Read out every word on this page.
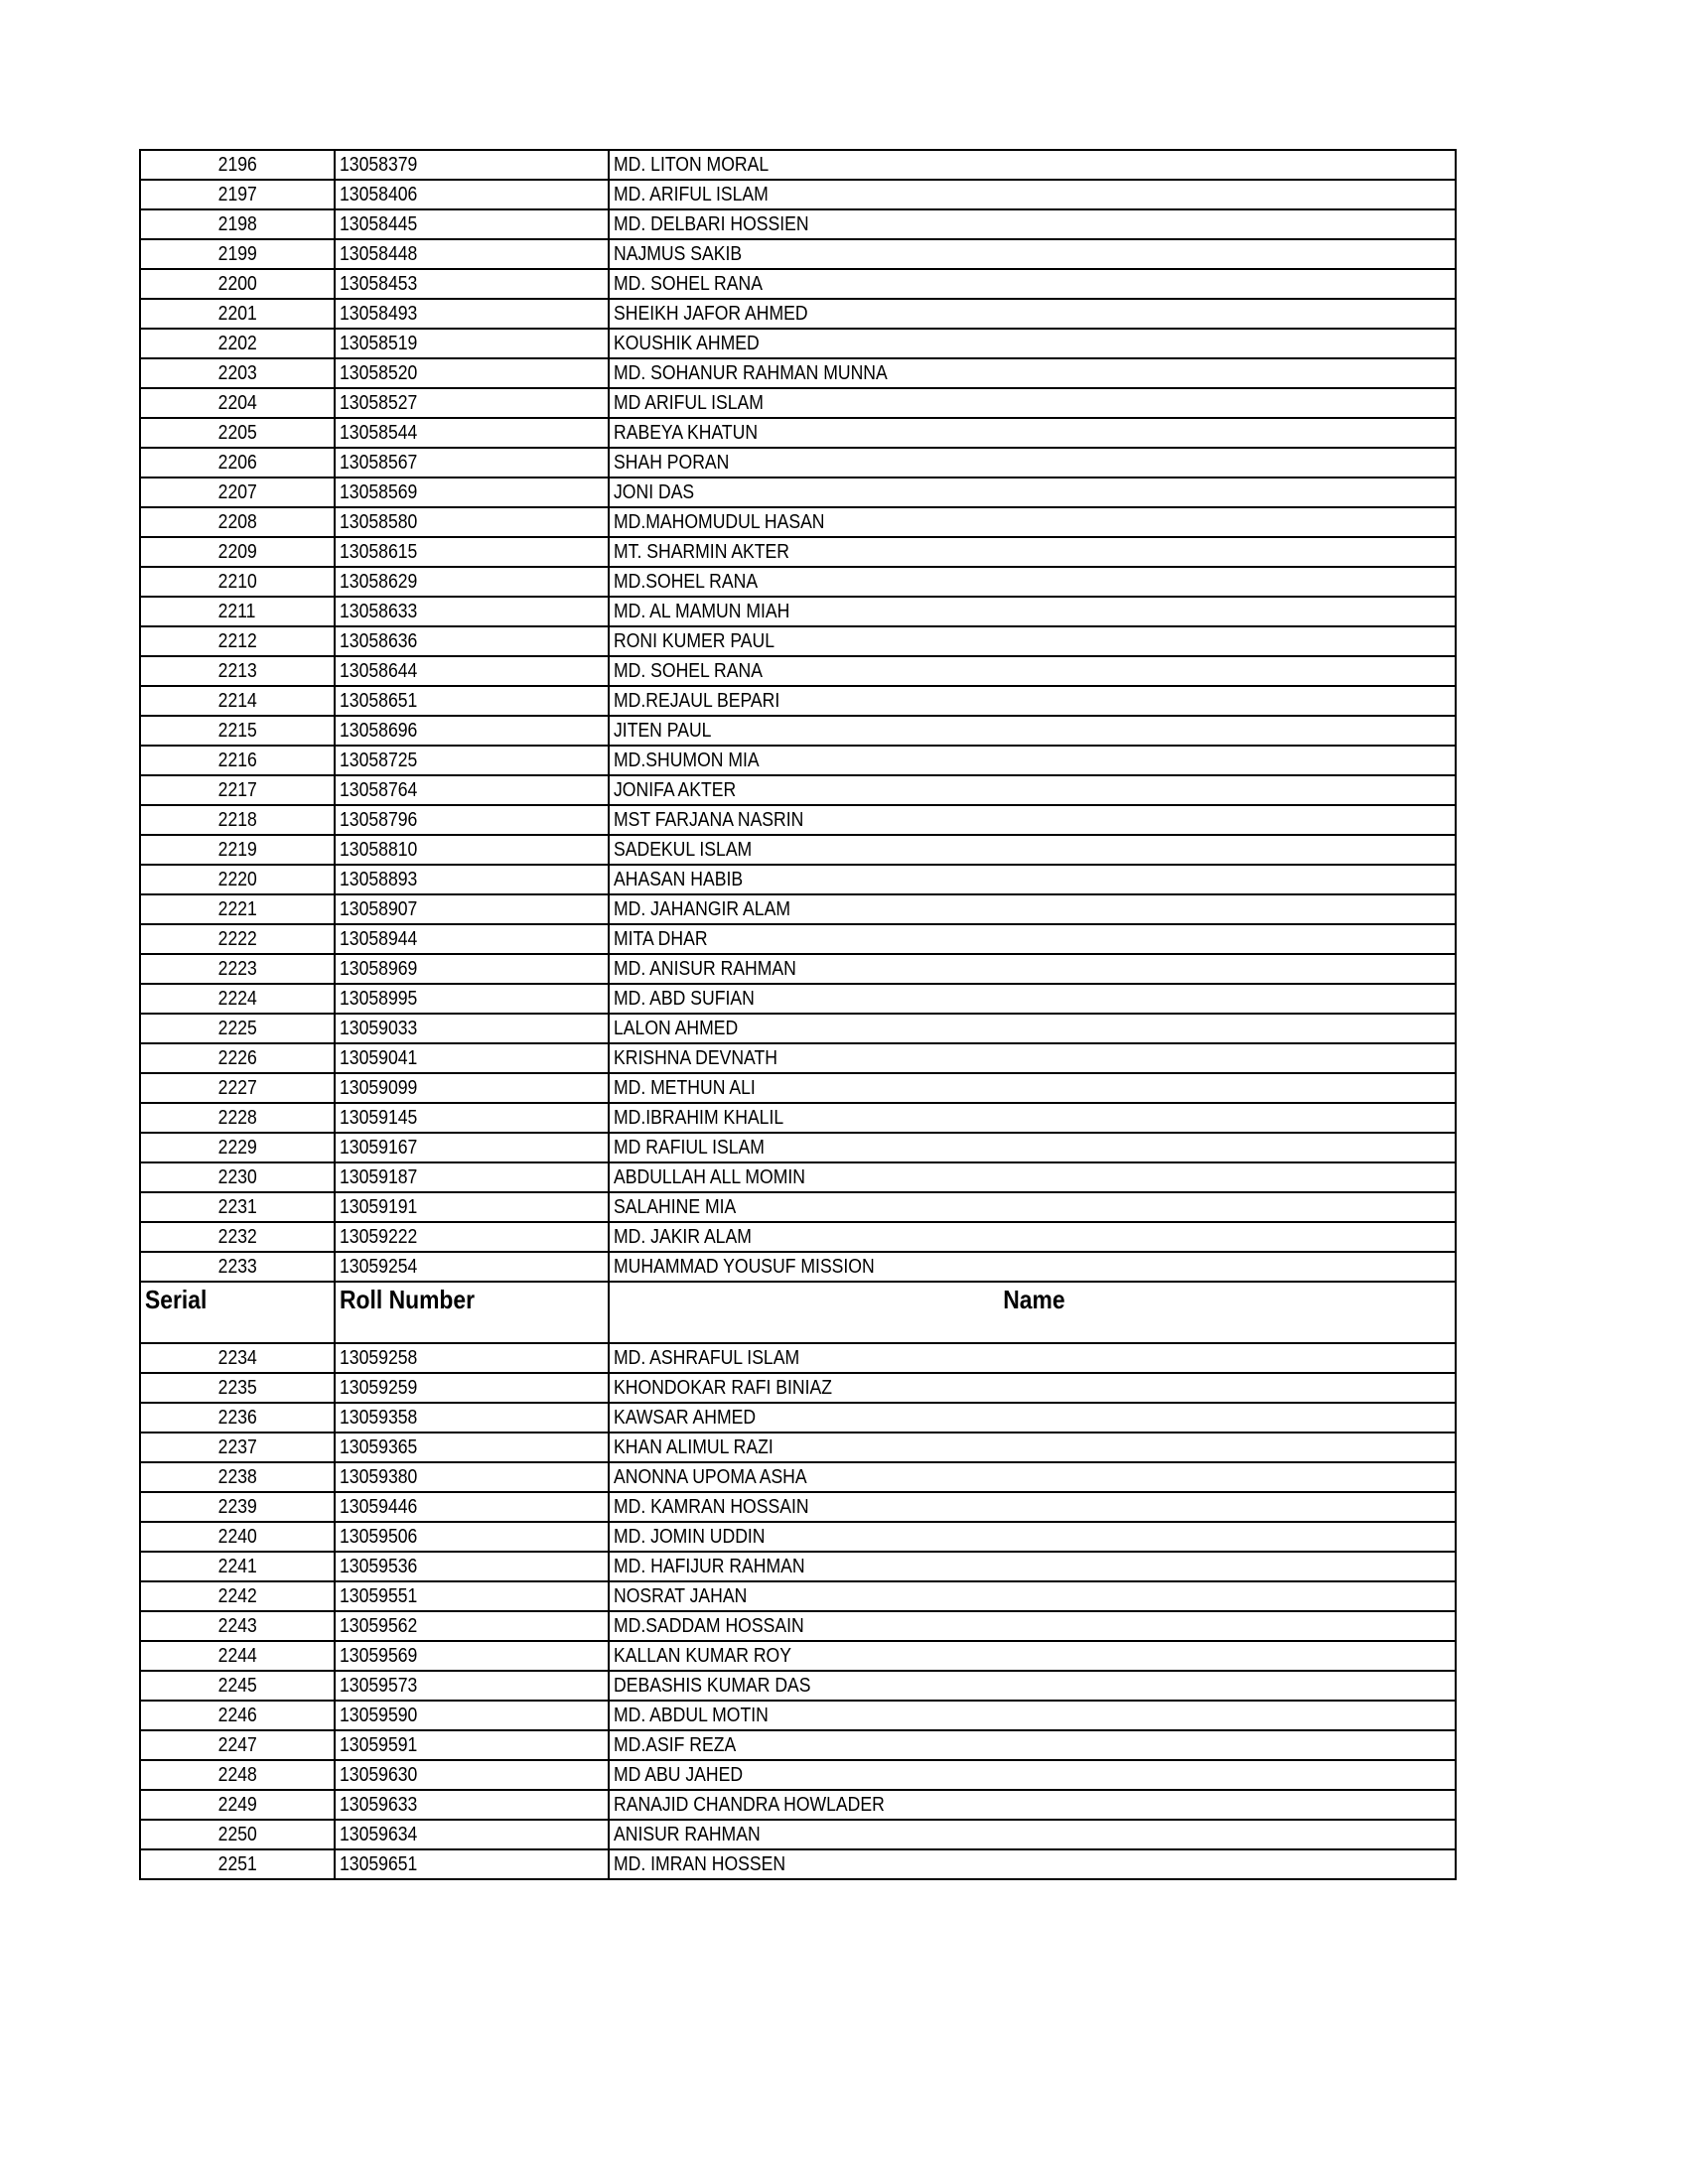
2196	13058379	MD. LITON MORAL
2197	13058406	MD. ARIFUL ISLAM
2198	13058445	MD. DELBARI HOSSIEN
2199	13058448	NAJMUS SAKIB
2200	13058453	MD. SOHEL RANA
2201	13058493	SHEIKH JAFOR AHMED
2202	13058519	KOUSHIK AHMED
2203	13058520	MD. SOHANUR RAHMAN MUNNA
2204	13058527	MD ARIFUL ISLAM
2205	13058544	RABEYA KHATUN
2206	13058567	SHAH PORAN
2207	13058569	JONI DAS
2208	13058580	MD.MAHOMUDUL HASAN
2209	13058615	MT. SHARMIN AKTER
2210	13058629	MD.SOHEL RANA
2211	13058633	MD. AL MAMUN MIAH
2212	13058636	RONI KUMER PAUL
2213	13058644	MD. SOHEL RANA
2214	13058651	MD.REJAUL BEPARI
2215	13058696	JITEN PAUL
2216	13058725	MD.SHUMON MIA
2217	13058764	JONIFA AKTER
2218	13058796	MST FARJANA NASRIN
2219	13058810	SADEKUL ISLAM
2220	13058893	AHASAN HABIB
2221	13058907	MD. JAHANGIR ALAM
2222	13058944	MITA DHAR
2223	13058969	MD. ANISUR RAHMAN
2224	13058995	MD. ABD SUFIAN
2225	13059033	LALON AHMED
2226	13059041	KRISHNA DEVNATH
2227	13059099	MD. METHUN ALI
2228	13059145	MD.IBRAHIM KHALIL
2229	13059167	MD RAFIUL ISLAM
2230	13059187	ABDULLAH ALL MOMIN
2231	13059191	SALAHINE MIA
2232	13059222	MD. JAKIR ALAM
2233	13059254	MUHAMMAD YOUSUF MISSION
Serial	Roll Number	Name
2234	13059258	MD. ASHRAFUL ISLAM
2235	13059259	KHONDOKAR RAFI BINIAZ
2236	13059358	KAWSAR AHMED
2237	13059365	KHAN ALIMUL RAZI
2238	13059380	ANONNA UPOMA ASHA
2239	13059446	MD. KAMRAN HOSSAIN
2240	13059506	MD. JOMIN UDDIN
2241	13059536	MD. HAFIJUR RAHMAN
2242	13059551	NOSRAT JAHAN
2243	13059562	MD.SADDAM HOSSAIN
2244	13059569	KALLAN KUMAR ROY
2245	13059573	DEBASHIS KUMAR DAS
2246	13059590	MD. ABDUL MOTIN
2247	13059591	MD.ASIF REZA
2248	13059630	MD ABU JAHED
2249	13059633	RANAJID CHANDRA HOWLADER
2250	13059634	ANISUR RAHMAN
2251	13059651	MD. IMRAN HOSSEN
